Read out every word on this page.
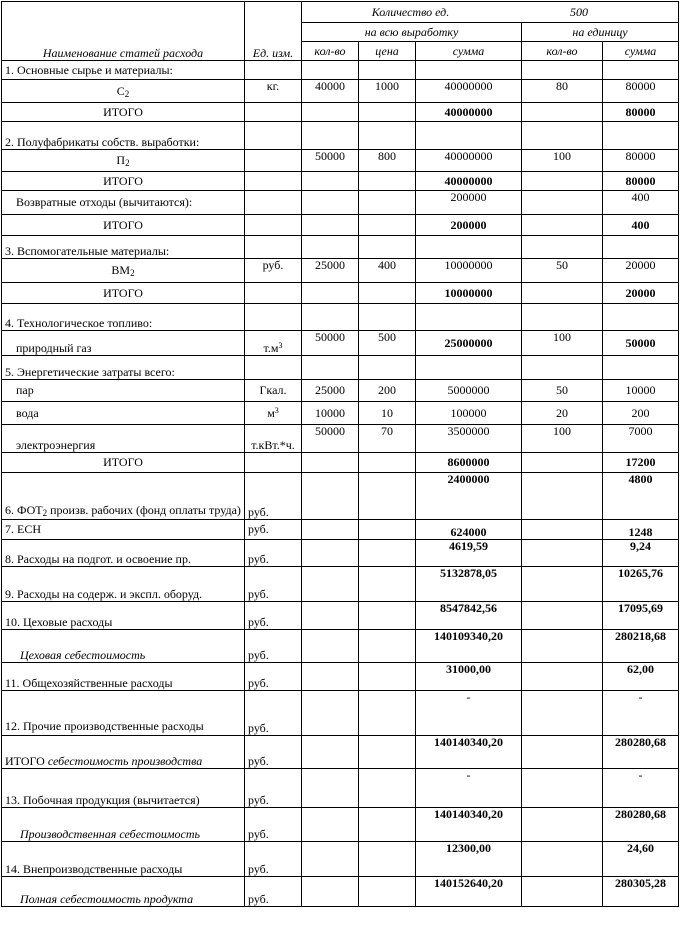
Наименование статей расхода	Ед. изм.	Количество ед. 500				
		на всю выработку			на единицу	
		кол-во	цена	сумма	кол-во	сумма
1. Основные сырье и материалы:						
$С_2$	кг.	40000	1000	40000000	80	80000
ИТОГО				40000000		80000
2. Полуфабрикаты собств. выработки:						
$П_2$		50000	800	40000000	100	80000
ИТОГО				40000000		80000
Возвратные отходы (вычитаются):				200000		400
ИТОГО				200000		400
3. Вспомогательные материалы:						
$ВМ_2$	руб.	25000	400	10000000	50	20000
ИТОГО				10000000		20000
4. Технологическое топливо:						
природный газ	$т.м^3$	50000	500	25000000	100	50000
5. Энергетические затраты всего:						
пар	Гкал.	25000	200	5000000	50	10000
вода	$м^3$	10000	10	100000	20	200
электроэнергия	т.кВт.*ч.	50000	70	3500000	100	7000
ИТОГО				8600000		17200
6. $ФОТ_2$ произв. рабочих (фонд оплаты труда)	руб.			2400000		4800
7. ЕСН	руб.			624000		1248
8. Расходы на подгот. и освоение пр.	руб.			4619,59		9,24
9. Расходы на содерж. и экспл. оборуд.	руб.			5132878,05		10265,76
10. Цеховые расходы	руб.			8547842,56		17095,69
Цеховая себестоимость	руб.			140109340,20		280218,68
11. Общехозяйственные расходы	руб.			31000,00		62,00
12. Прочие производственные расходы	руб.			-		-
ИТОГО себестоимость производства	руб.			140140340,20		280280,68
13. Побочная продукция (вычитается)	руб.			-		-
Производственная себестоимость	руб.			140140340,20		280280,68
14. Внепроизводственные расходы	руб.			12300,00		24,60
Полная себестоимость продукта	руб.			140152640,20		280305,28
